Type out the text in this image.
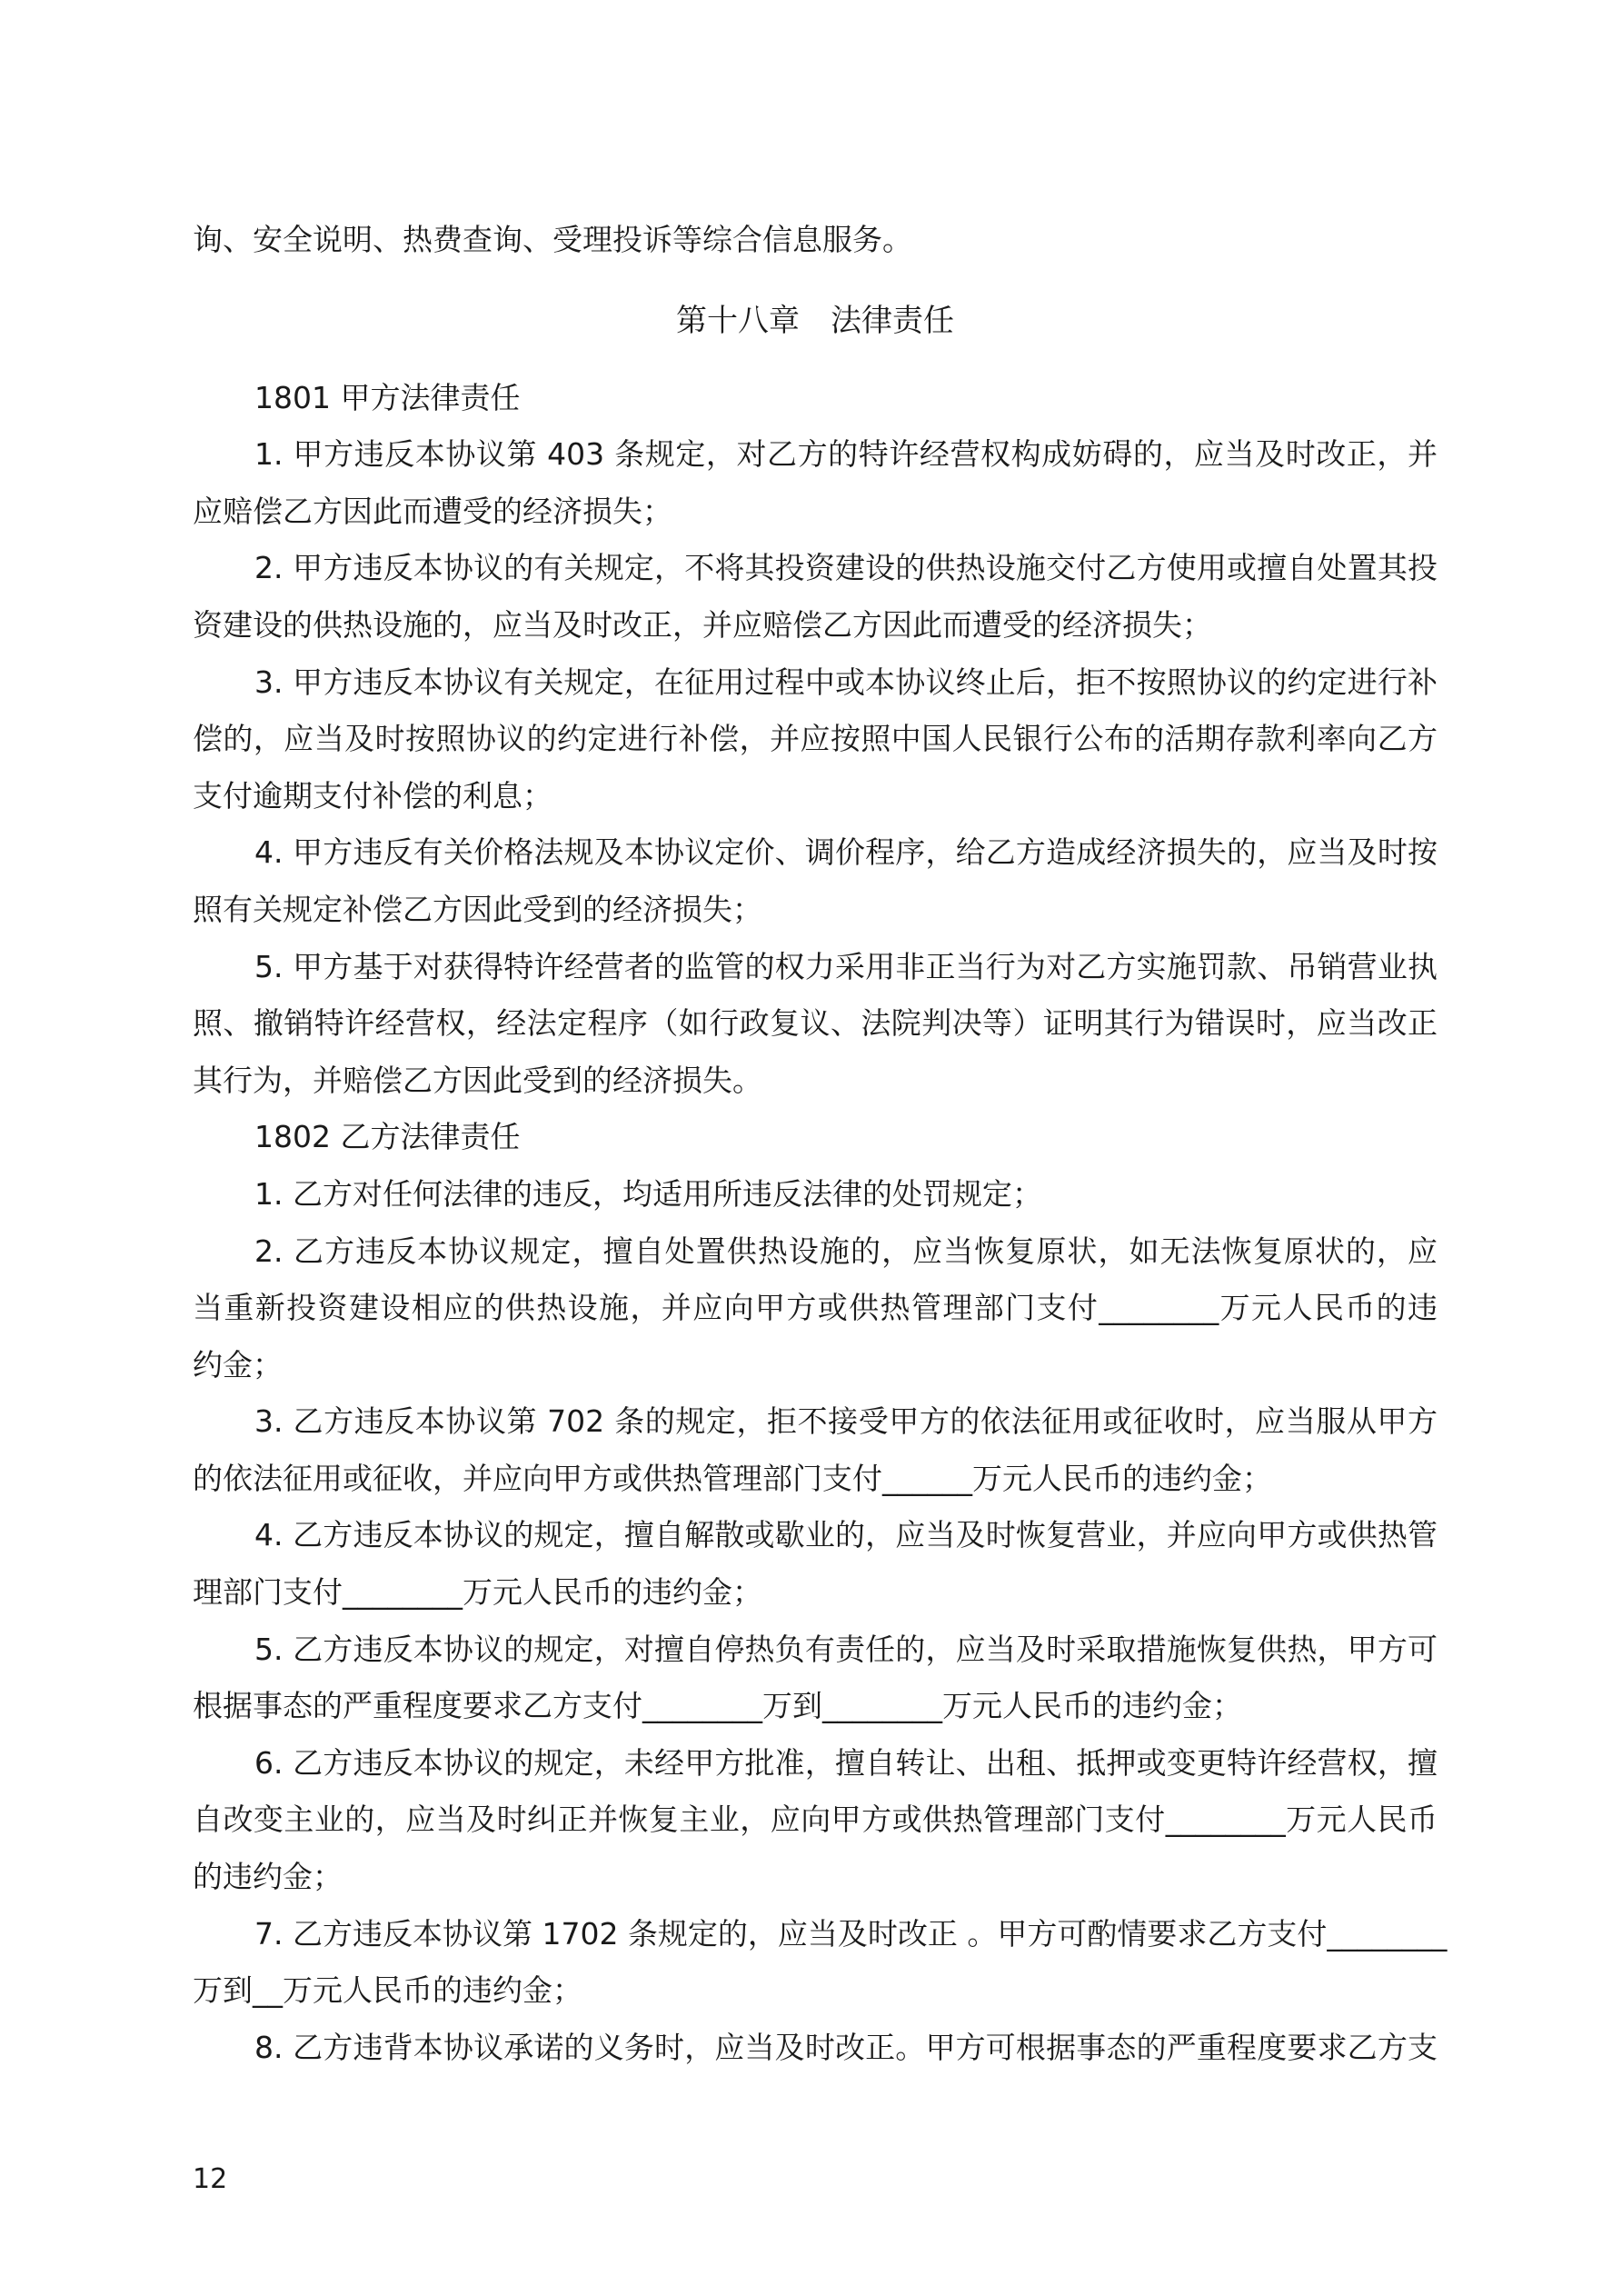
询、安全说明、热费查询、受理投诉等综合信息服务。
第十八章　法律责任
1801 甲方法律责任
1. 甲方违反本协议第 403 条规定，对乙方的特许经营权构成妨碍的，应当及时改正，并
应赔偿乙方因此而遭受的经济损失；
2. 甲方违反本协议的有关规定，不将其投资建设的供热设施交付乙方使用或擅自处置其投
资建设的供热设施的，应当及时改正，并应赔偿乙方因此而遭受的经济损失；
3. 甲方违反本协议有关规定，在征用过程中或本协议终止后，拒不按照协议的约定进行补
偿的，应当及时按照协议的约定进行补偿，并应按照中国人民银行公布的活期存款利率向乙方
支付逾期支付补偿的利息；
4. 甲方违反有关价格法规及本协议定价、调价程序，给乙方造成经济损失的，应当及时按
照有关规定补偿乙方因此受到的经济损失；
5. 甲方基于对获得特许经营者的监管的权力采用非正当行为对乙方实施罚款、吊销营业执
照、撤销特许经营权，经法定程序（如行政复议、法院判决等）证明其行为错误时，应当改正
其行为，并赔偿乙方因此受到的经济损失。
1802 乙方法律责任
1. 乙方对任何法律的违反，均适用所违反法律的处罚规定；
2. 乙方违反本协议规定，擅自处置供热设施的，应当恢复原状，如无法恢复原状的，应
当重新投资建设相应的供热设施，并应向甲方或供热管理部门支付________万元人民币的违
约金；
3. 乙方违反本协议第 702 条的规定，拒不接受甲方的依法征用或征收时，应当服从甲方
的依法征用或征收，并应向甲方或供热管理部门支付______万元人民币的违约金；
4. 乙方违反本协议的规定，擅自解散或歇业的，应当及时恢复营业，并应向甲方或供热管
理部门支付________万元人民币的违约金；
5. 乙方违反本协议的规定，对擅自停热负有责任的，应当及时采取措施恢复供热，甲方可
根据事态的严重程度要求乙方支付________万到________万元人民币的违约金；
6. 乙方违反本协议的规定，未经甲方批准，擅自转让、出租、抵押或变更特许经营权，擅
自改变主业的，应当及时纠正并恢复主业，应向甲方或供热管理部门支付________万元人民币
的违约金；
7. 乙方违反本协议第 1702 条规定的，应当及时改正 。甲方可酌情要求乙方支付________
万到__万元人民币的违约金；
8. 乙方违背本协议承诺的义务时，应当及时改正。甲方可根据事态的严重程度要求乙方支
12
